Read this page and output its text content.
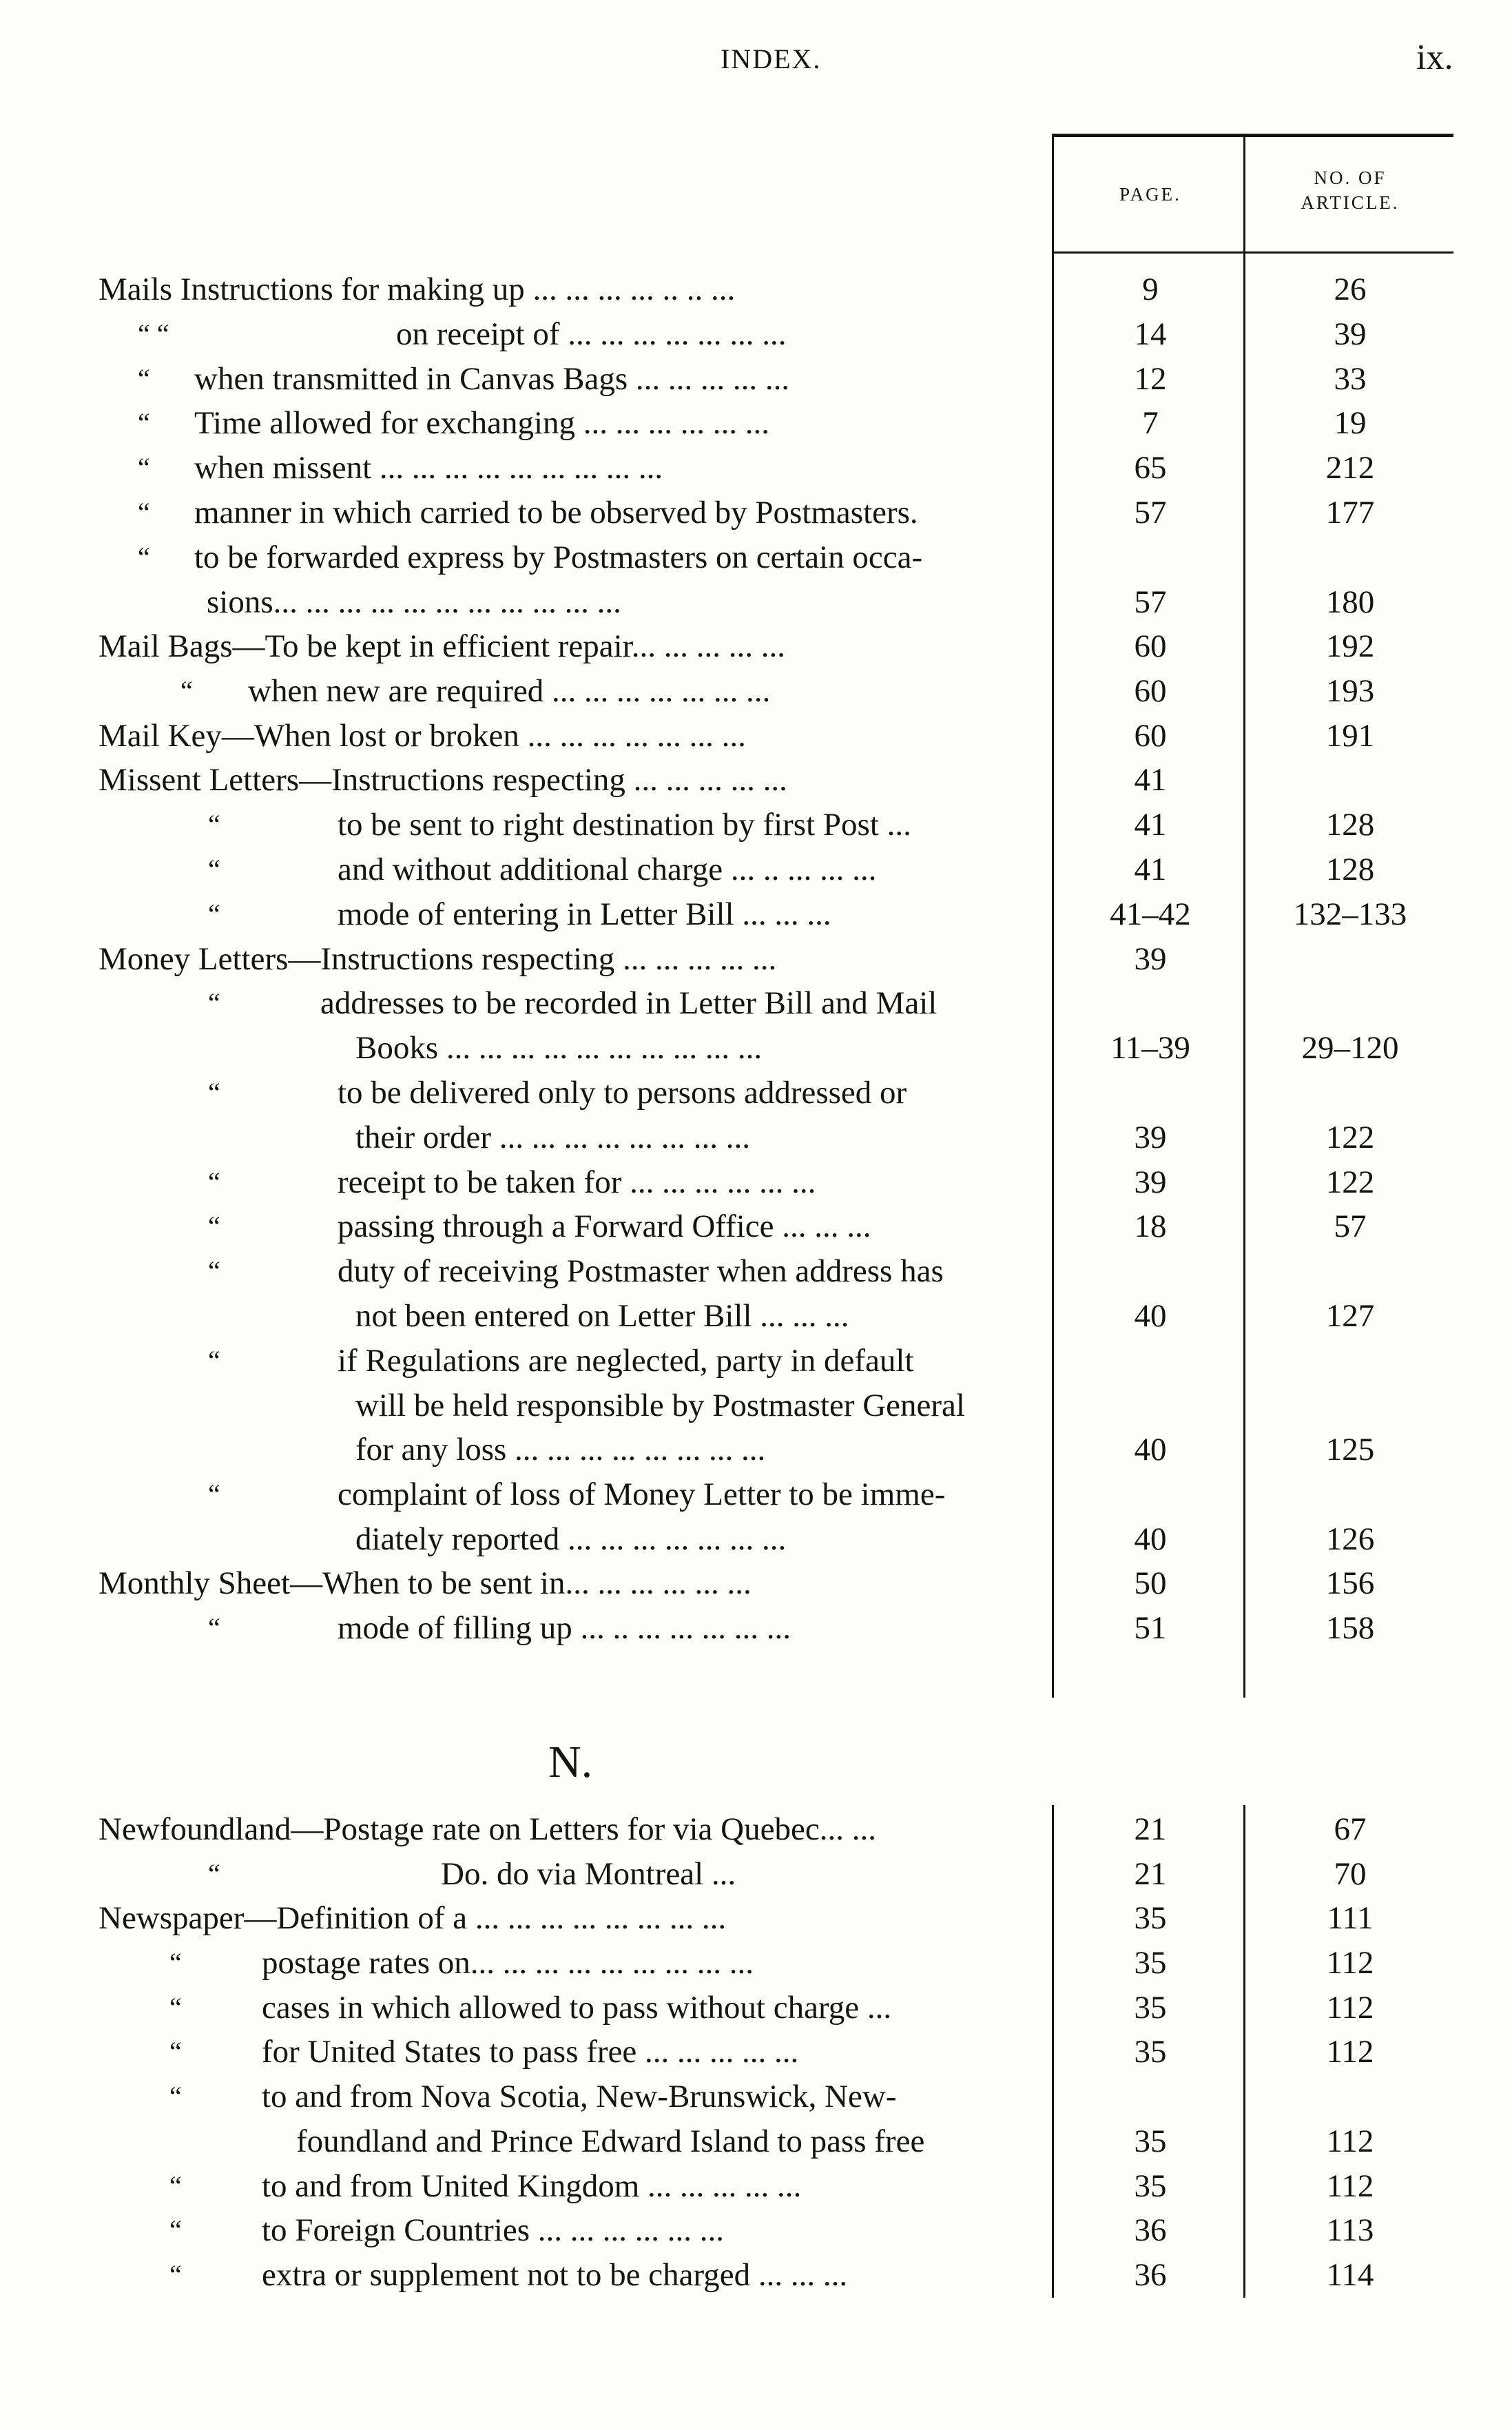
INDEX.	ix.
PAGE.
NO. OF
ARTICLE.
Mails Instructions for making up ... ... ... ... .. .. ...	9	26
“ “	on receipt of ... ... ... ... ... ... ...	14	39
“ when transmitted in Canvas Bags ... ... ... ... ...	12	33
“ Time allowed for exchanging ... ... ... ... ... ...	7	19
“ when missent ... ... ... ... ... ... ... ... ...	65	212
“ manner in which carried to be observed by Postmasters.	57	177
“ to be forwarded express by Postmasters on certain occa-
sions... ... ... ... ... ... ... ... ... ... ...	57	180
Mail Bags—To be kept in efficient repair... ... ... ... ...	60	192
“ when new are required ... ... ... ... ... ... ...	60	193
Mail Key—When lost or broken ... ... ... ... ... ... ...	60	191
Missent Letters—Instructions respecting ... ... ... ... ...	41
“	to be sent to right destination by first Post ...	41	128
“	and without additional charge ... .. ... ... ...	41	128
“	mode of entering in Letter Bill ... ... ...	41–42	132–133
Money Letters—Instructions respecting ... ... ... ... ...	39
“	addresses to be recorded in Letter Bill and Mail
Books ... ... ... ... ... ... ... ... ... ...	11–39	29–120
“	to be delivered only to persons addressed or
their order ... ... ... ... ... ... ... ...	39	122
“	receipt to be taken for ... ... ... ... ... ...	39	122
“	passing through a Forward Office ... ... ...	18	57
“	duty of receiving Postmaster when address has
not been entered on Letter Bill ... ... ...	40	127
“	if Regulations are neglected, party in default
will be held responsible by Postmaster General
for any loss ... ... ... ... ... ... ... ...	40	125
“	complaint of loss of Money Letter to be imme-
diately reported ... ... ... ... ... ... ...	40	126
Monthly Sheet—When to be sent in... ... ... ... ... ...	50	156
“	mode of filling up ... .. ... ... ... ... ...	51	158
N.
Newfoundland—Postage rate on Letters for via Quebec... ...	21	67
“	Do. do via Montreal ...	21	70
Newspaper—Definition of a ... ... ... ... ... ... ... ...	35	111
“ postage rates on... ... ... ... ... ... ... ... ...	35	112
“ cases in which allowed to pass without charge ...	35	112
“ for United States to pass free ... ... ... ... ...	35	112
“ to and from Nova Scotia, New-Brunswick, New-
foundland and Prince Edward Island to pass free	35	112
“ to and from United Kingdom ... ... ... ... ...	35	112
“ to Foreign Countries ... ... ... ... ... ...	36	113
“ extra or supplement not to be charged ... ... ...	36	114
